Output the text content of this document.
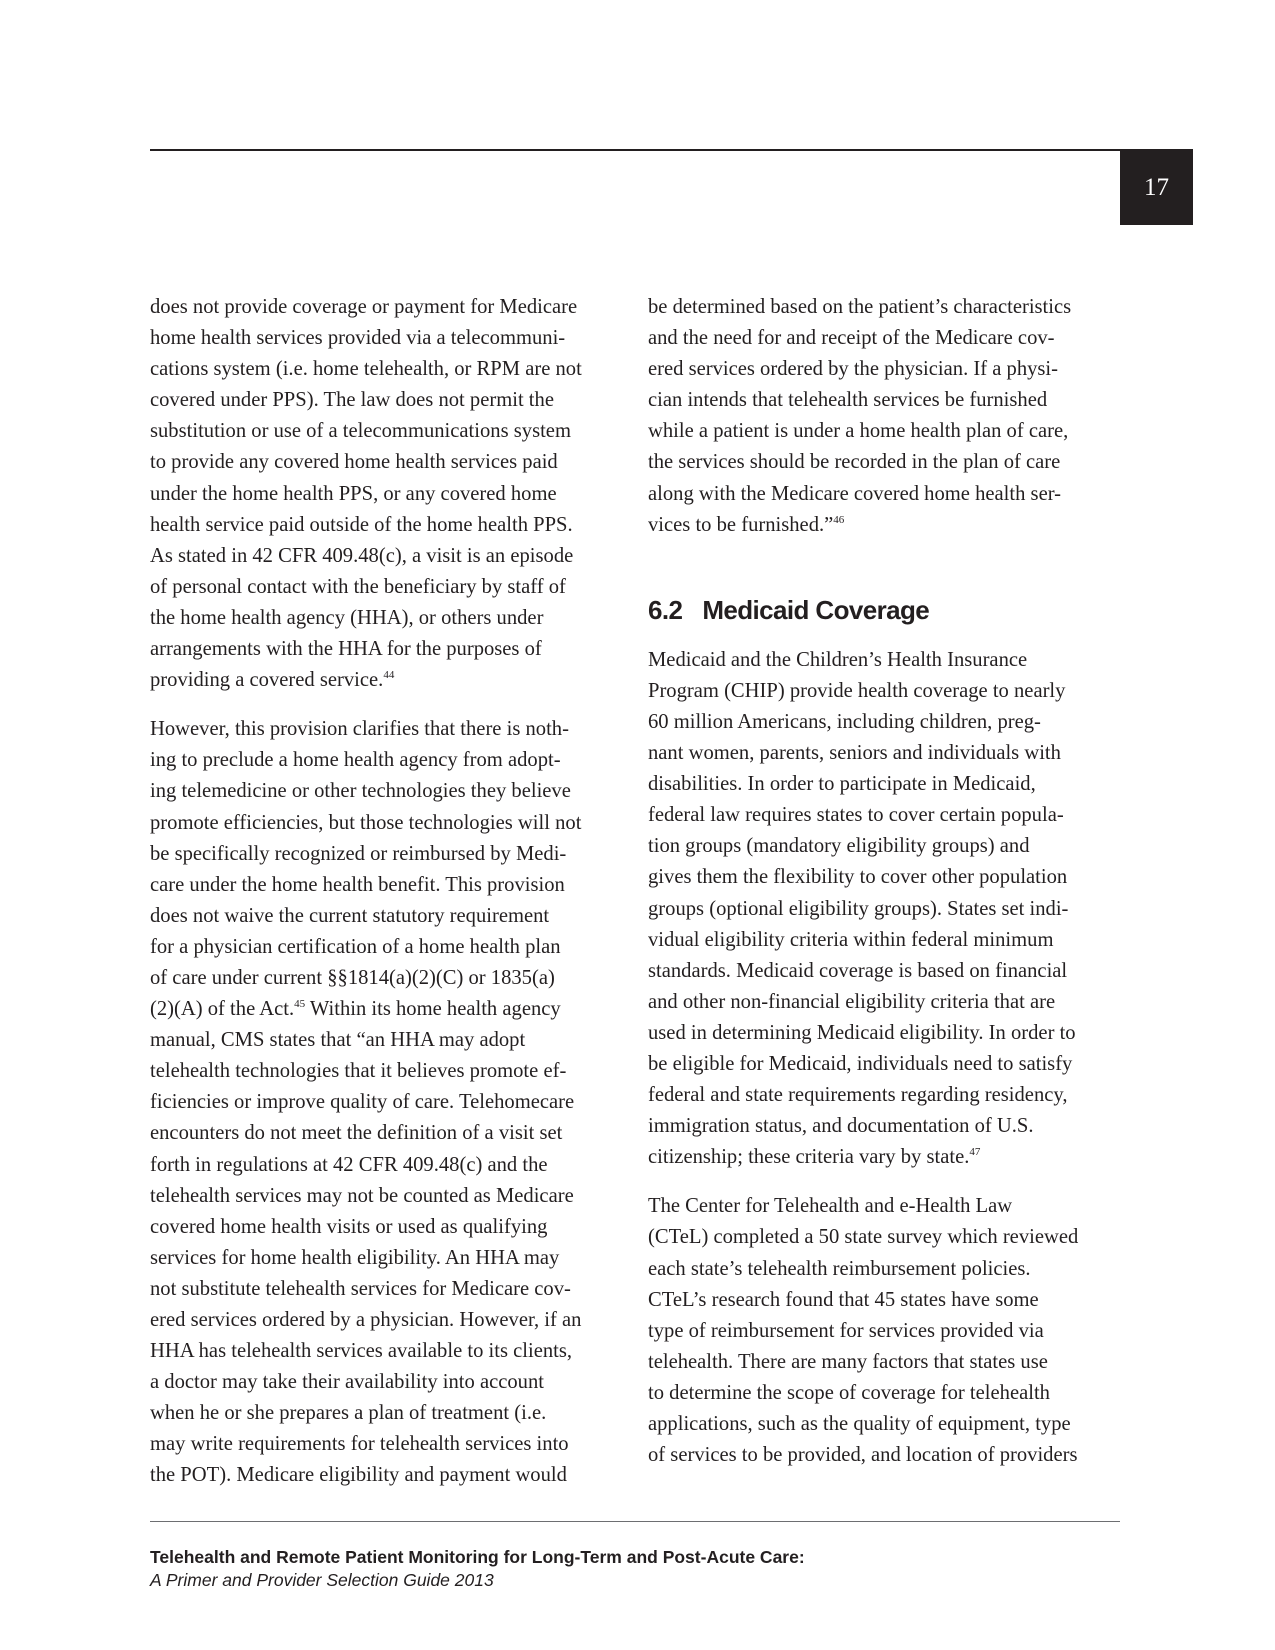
17

does not provide coverage or payment for Medicare
home health services provided via a telecommuni-
cations system (i.e. home telehealth, or RPM are not
covered under PPS). The law does not permit the
substitution or use of a telecommunications system
to provide any covered home health services paid
under the home health PPS, or any covered home
health service paid outside of the home health PPS.
As stated in 42 CFR 409.48(c), a visit is an episode
of personal contact with the beneficiary by staff of
the home health agency (HHA), or others under
arrangements with the HHA for the purposes of
providing a covered service.$^{44}$

However, this provision clarifies that there is noth-
ing to preclude a home health agency from adopt-
ing telemedicine or other technologies they believe
promote efficiencies, but those technologies will not
be specifically recognized or reimbursed by Medi-
care under the home health benefit. This provision
does not waive the current statutory requirement
for a physician certification of a home health plan
of care under current §§1814(a)(2)(C) or 1835(a)
(2)(A) of the Act.$^{45}$ Within its home health agency
manual, CMS states that “an HHA may adopt
telehealth technologies that it believes promote ef-
ficiencies or improve quality of care. Telehomecare
encounters do not meet the definition of a visit set
forth in regulations at 42 CFR 409.48(c) and the
telehealth services may not be counted as Medicare
covered home health visits or used as qualifying
services for home health eligibility. An HHA may
not substitute telehealth services for Medicare cov-
ered services ordered by a physician. However, if an
HHA has telehealth services available to its clients,
a doctor may take their availability into account
when he or she prepares a plan of treatment (i.e.
may write requirements for telehealth services into
the POT). Medicare eligibility and payment would

be determined based on the patient’s characteristics
and the need for and receipt of the Medicare cov-
ered services ordered by the physician. If a physi-
cian intends that telehealth services be furnished
while a patient is under a home health plan of care,
the services should be recorded in the plan of care
along with the Medicare covered home health ser-
vices to be furnished.”$^{46}$

6.2 Medicaid Coverage

Medicaid and the Children’s Health Insurance
Program (CHIP) provide health coverage to nearly
60 million Americans, including children, preg-
nant women, parents, seniors and individuals with
disabilities. In order to participate in Medicaid,
federal law requires states to cover certain popula-
tion groups (mandatory eligibility groups) and
gives them the flexibility to cover other population
groups (optional eligibility groups). States set indi-
vidual eligibility criteria within federal minimum
standards. Medicaid coverage is based on financial
and other non-financial eligibility criteria that are
used in determining Medicaid eligibility. In order to
be eligible for Medicaid, individuals need to satisfy
federal and state requirements regarding residency,
immigration status, and documentation of U.S.
citizenship; these criteria vary by state.$^{47}$

The Center for Telehealth and e-Health Law
(CTeL) completed a 50 state survey which reviewed
each state’s telehealth reimbursement policies.
CTeL’s research found that 45 states have some
type of reimbursement for services provided via
telehealth. There are many factors that states use
to determine the scope of coverage for telehealth
applications, such as the quality of equipment, type
of services to be provided, and location of providers

Telehealth and Remote Patient Monitoring for Long-Term and Post-Acute Care:
A Primer and Provider Selection Guide 2013
